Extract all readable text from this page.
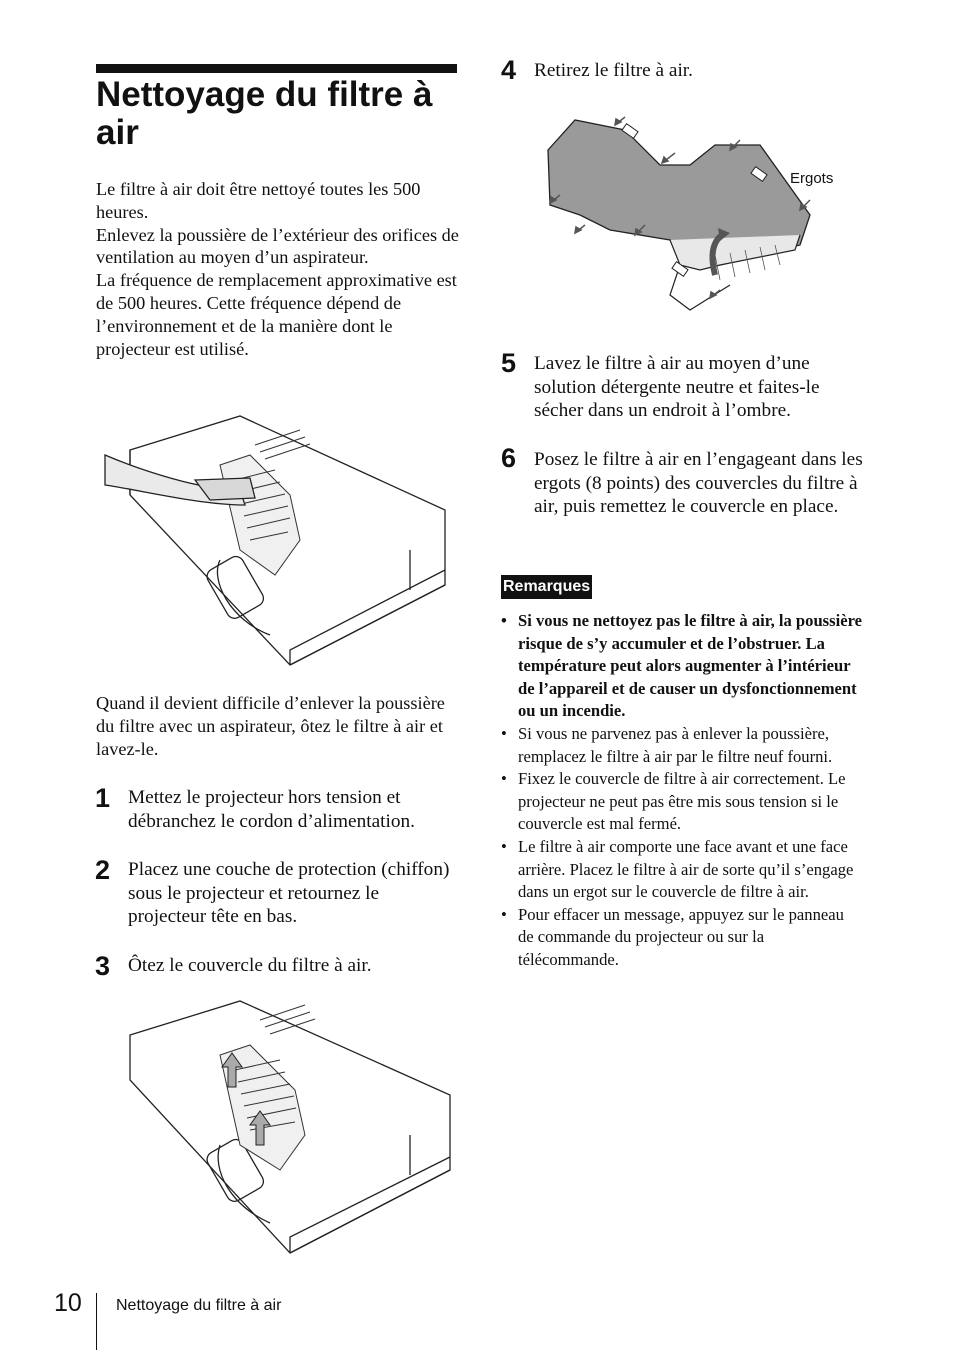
Nettoyage du filtre à air
Le filtre à air doit être nettoyé toutes les 500 heures.
Enlevez la poussière de l’extérieur des orifices de ventilation au moyen d’un aspirateur.
La fréquence de remplacement approximative est de 500 heures. Cette fréquence dépend de l’environnement et de la manière dont le projecteur est utilisé.

Quand il devient difficile d’enlever la poussière du filtre avec un aspirateur, ôtez le filtre à air et lavez-le.

1 Mettez le projecteur hors tension et débranchez le cordon d’alimentation.

2 Placez une couche de protection (chiffon) sous le projecteur et retournez le projecteur tête en bas.

3 Ôtez le couvercle du filtre à air.

4 Retirez le filtre à air.

Ergots
5 Lavez le filtre à air au moyen d’une solution détergente neutre et faites-le sécher dans un endroit à l’ombre.

6 Posez le filtre à air en l’engageant dans les ergots (8 points) des couvercles du filtre à air, puis remettez le couvercle en place.

Remarques
• Si vous ne nettoyez pas le filtre à air, la poussière risque de s’y accumuler et de l’obstruer. La température peut alors augmenter à l’intérieur de l’appareil et de causer un dysfonctionnement ou un incendie.
• Si vous ne parvenez pas à enlever la poussière, remplacez le filtre à air par le filtre neuf fourni.
• Fixez le couvercle de filtre à air correctement. Le projecteur ne peut pas être mis sous tension si le couvercle est mal fermé.
• Le filtre à air comporte une face avant et une face arrière. Placez le filtre à air de sorte qu’il s’engage dans un ergot sur le couvercle de filtre à air.
• Pour effacer un message, appuyez sur le panneau de commande du projecteur ou sur la télécommande.
10 Nettoyage du filtre à air
